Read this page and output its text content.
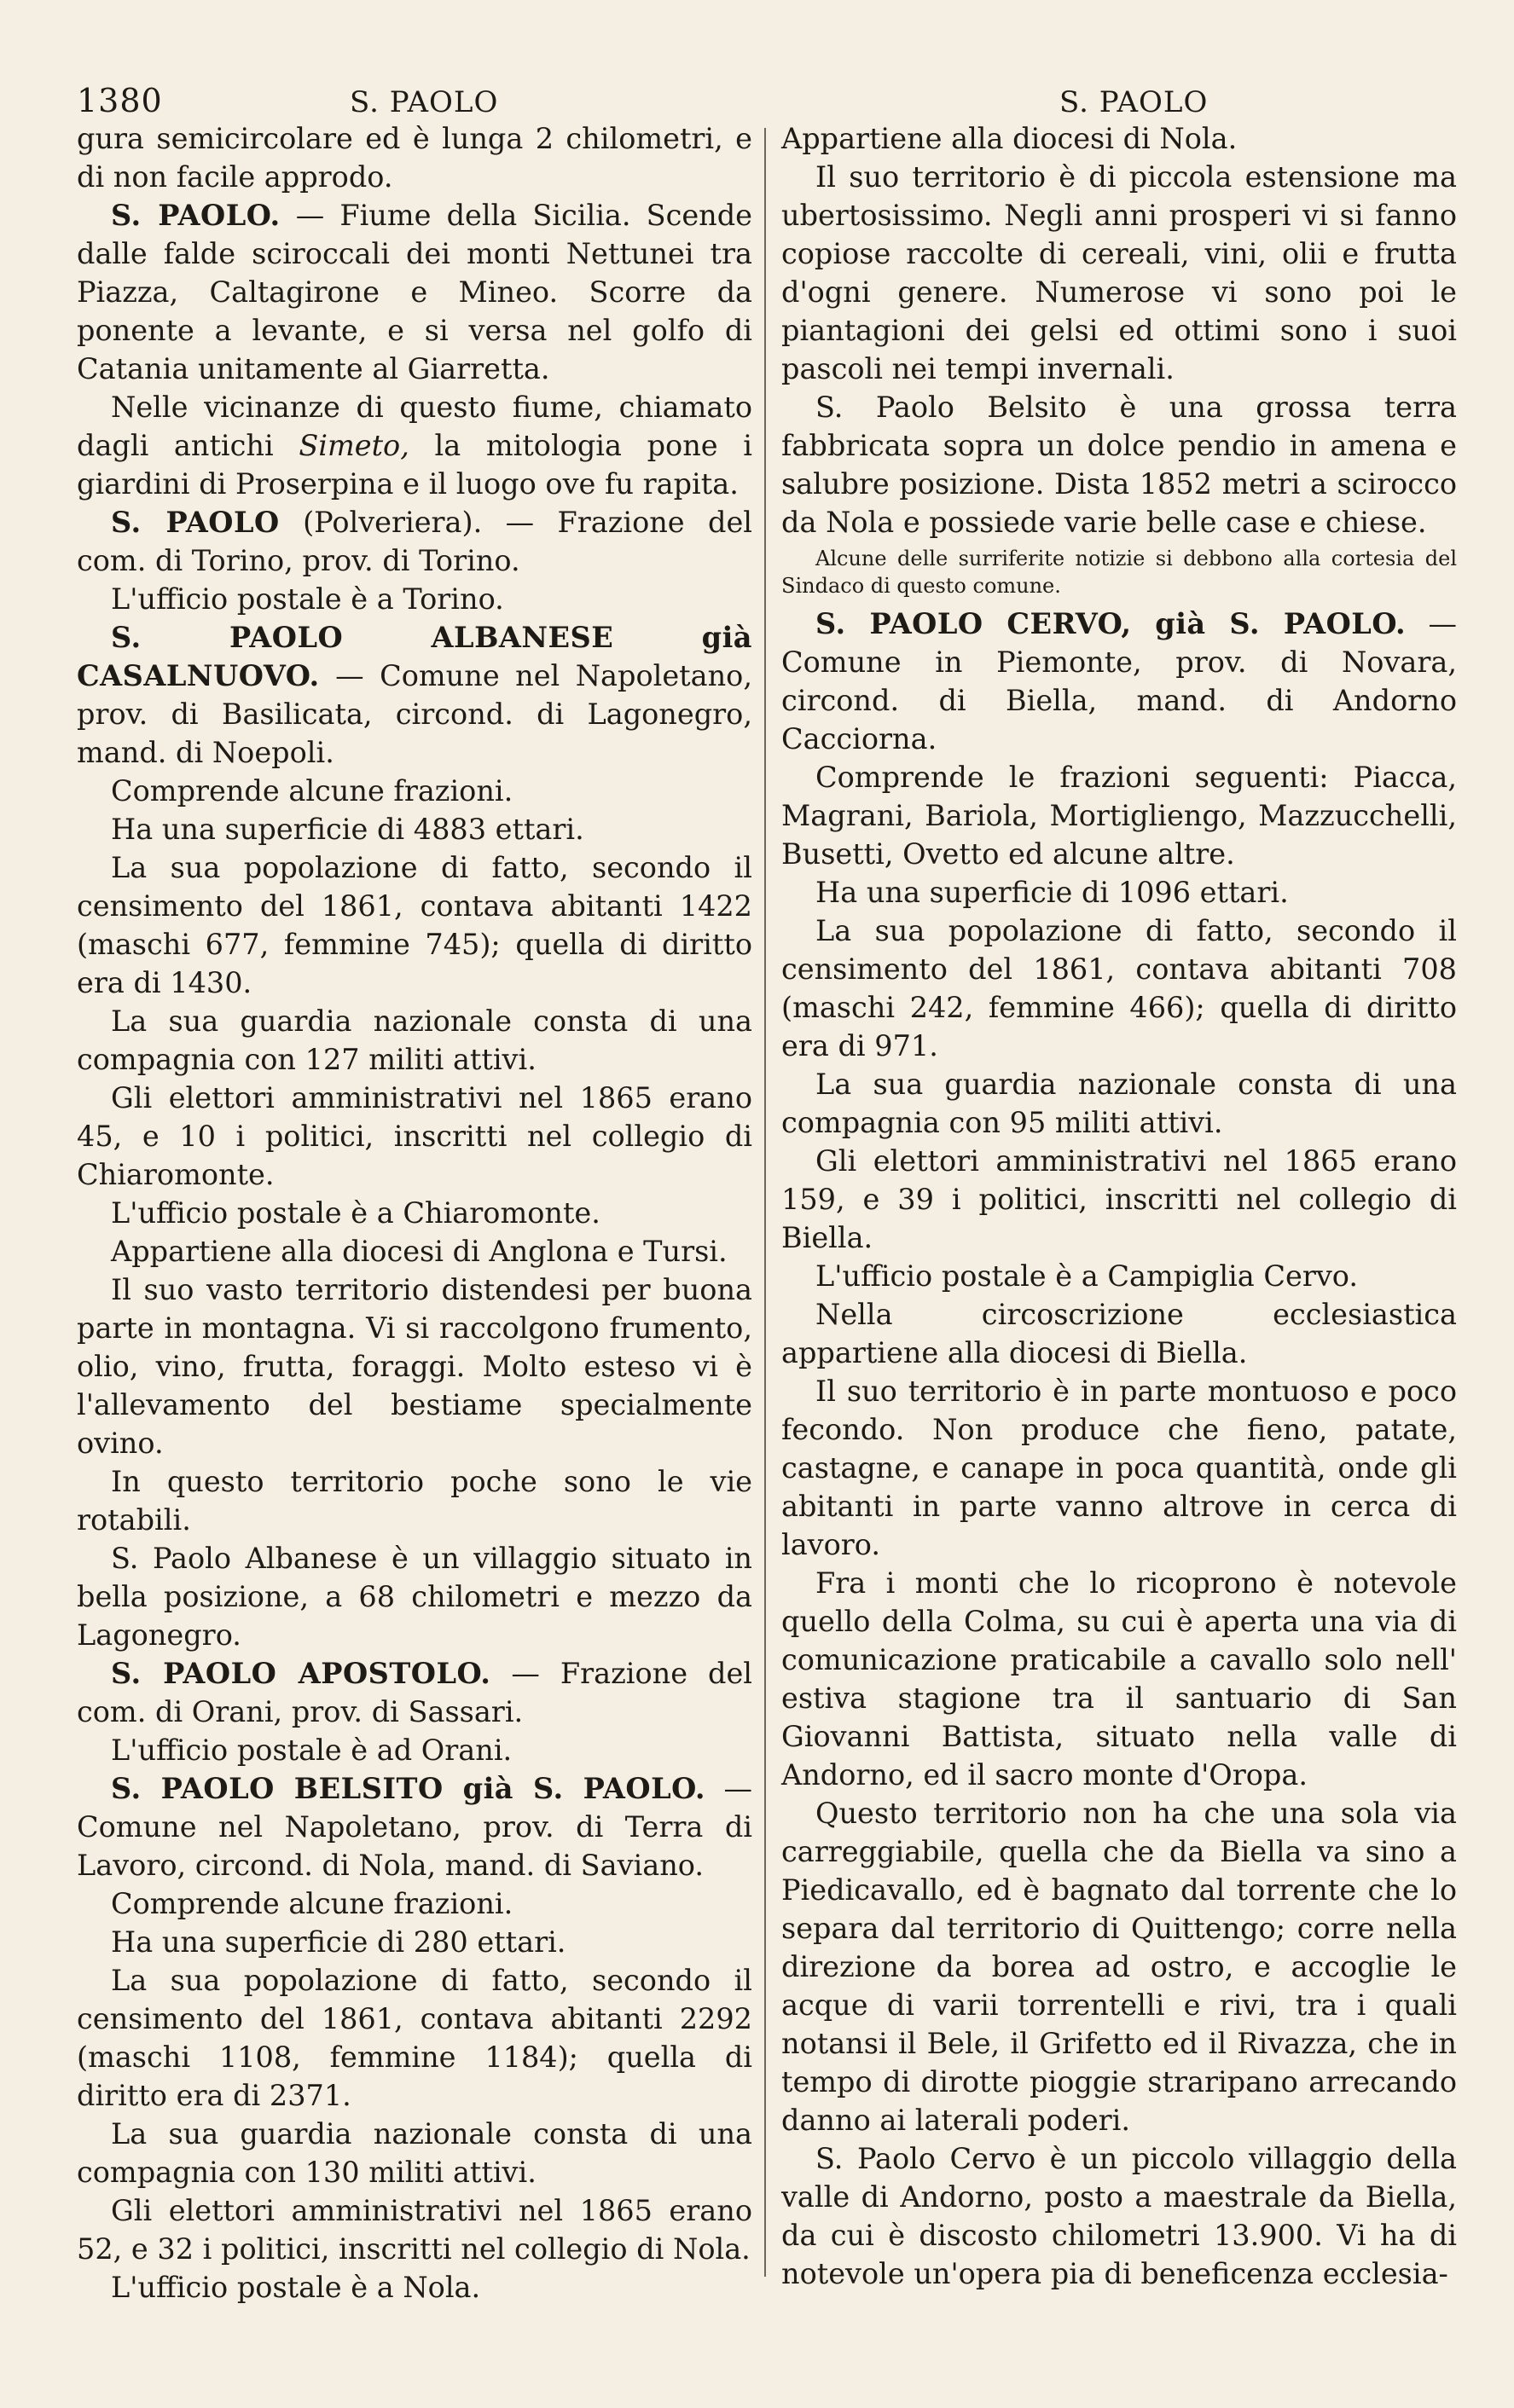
1380	S. PAOLO	S. PAOLO

gura semicircolare ed è lunga 2 chilometri, e di non facile approdo.

S. PAOLO. — Fiume della Sicilia. Scende dalle falde sciroccali dei monti Nettunei tra Piazza, Caltagirone e Mineo. Scorre da ponente a levante, e si versa nel golfo di Catania unitamente al Giarretta.

Nelle vicinanze di questo fiume, chiamato dagli antichi Simeto, la mitologia pone i giardini di Proserpina e il luogo ove fu rapita.

S. PAOLO (Polveriera). — Frazione del com. di Torino, prov. di Torino.

L'ufficio postale è a Torino.

S. PAOLO ALBANESE già CASALNUOVO. — Comune nel Napoletano, prov. di Basilicata, circond. di Lagonegro, mand. di Noepoli.

Comprende alcune frazioni.

Ha una superficie di 4883 ettari.

La sua popolazione di fatto, secondo il censimento del 1861, contava abitanti 1422 (maschi 677, femmine 745); quella di diritto era di 1430.

La sua guardia nazionale consta di una compagnia con 127 militi attivi.

Gli elettori amministrativi nel 1865 erano 45, e 10 i politici, inscritti nel collegio di Chiaromonte.

L'ufficio postale è a Chiaromonte.

Appartiene alla diocesi di Anglona e Tursi.

Il suo vasto territorio distendesi per buona parte in montagna. Vi si raccolgono frumento, olio, vino, frutta, foraggi. Molto esteso vi è l'allevamento del bestiame specialmente ovino.

In questo territorio poche sono le vie rotabili.

S. Paolo Albanese è un villaggio situato in bella posizione, a 68 chilometri e mezzo da Lagonegro.

S. PAOLO APOSTOLO. — Frazione del com. di Orani, prov. di Sassari.

L'ufficio postale è ad Orani.

S. PAOLO BELSITO già S. PAOLO. — Comune nel Napoletano, prov. di Terra di Lavoro, circond. di Nola, mand. di Saviano.

Comprende alcune frazioni.

Ha una superficie di 280 ettari.

La sua popolazione di fatto, secondo il censimento del 1861, contava abitanti 2292 (maschi 1108, femmine 1184); quella di diritto era di 2371.

La sua guardia nazionale consta di una compagnia con 130 militi attivi.

Gli elettori amministrativi nel 1865 erano 52, e 32 i politici, inscritti nel collegio di Nola.

L'ufficio postale è a Nola.

Appartiene alla diocesi di Nola.

Il suo territorio è di piccola estensione ma ubertosissimo. Negli anni prosperi vi si fanno copiose raccolte di cereali, vini, olii e frutta d'ogni genere. Numerose vi sono poi le piantagioni dei gelsi ed ottimi sono i suoi pascoli nei tempi invernali.

S. Paolo Belsito è una grossa terra fabbricata sopra un dolce pendio in amena e salubre posizione. Dista 1852 metri a scirocco da Nola e possiede varie belle case e chiese.

Alcune delle surriferite notizie si debbono alla cortesia del Sindaco di questo comune.

S. PAOLO CERVO, già S. PAOLO. — Comune in Piemonte, prov. di Novara, circond. di Biella, mand. di Andorno Cacciorna.

Comprende le frazioni seguenti: Piacca, Magrani, Bariola, Mortigliengo, Mazzucchelli, Busetti, Ovetto ed alcune altre.

Ha una superficie di 1096 ettari.

La sua popolazione di fatto, secondo il censimento del 1861, contava abitanti 708 (maschi 242, femmine 466); quella di diritto era di 971.

La sua guardia nazionale consta di una compagnia con 95 militi attivi.

Gli elettori amministrativi nel 1865 erano 159, e 39 i politici, inscritti nel collegio di Biella.

L'ufficio postale è a Campiglia Cervo.

Nella circoscrizione ecclesiastica appartiene alla diocesi di Biella.

Il suo territorio è in parte montuoso e poco fecondo. Non produce che fieno, patate, castagne, e canape in poca quantità, onde gli abitanti in parte vanno altrove in cerca di lavoro.

Fra i monti che lo ricoprono è notevole quello della Colma, su cui è aperta una via di comunicazione praticabile a cavallo solo nell' estiva stagione tra il santuario di San Giovanni Battista, situato nella valle di Andorno, ed il sacro monte d'Oropa.

Questo territorio non ha che una sola via carreggiabile, quella che da Biella va sino a Piedicavallo, ed è bagnato dal torrente che lo separa dal territorio di Quittengo; corre nella direzione da borea ad ostro, e accoglie le acque di varii torrentelli e rivi, tra i quali notansi il Bele, il Grifetto ed il Rivazza, che in tempo di dirotte pioggie straripano arrecando danno ai laterali poderi.

S. Paolo Cervo è un piccolo villaggio della valle di Andorno, posto a maestrale da Biella, da cui è discosto chilometri 13.900. Vi ha di notevole un'opera pia di beneficenza ecclesia-
